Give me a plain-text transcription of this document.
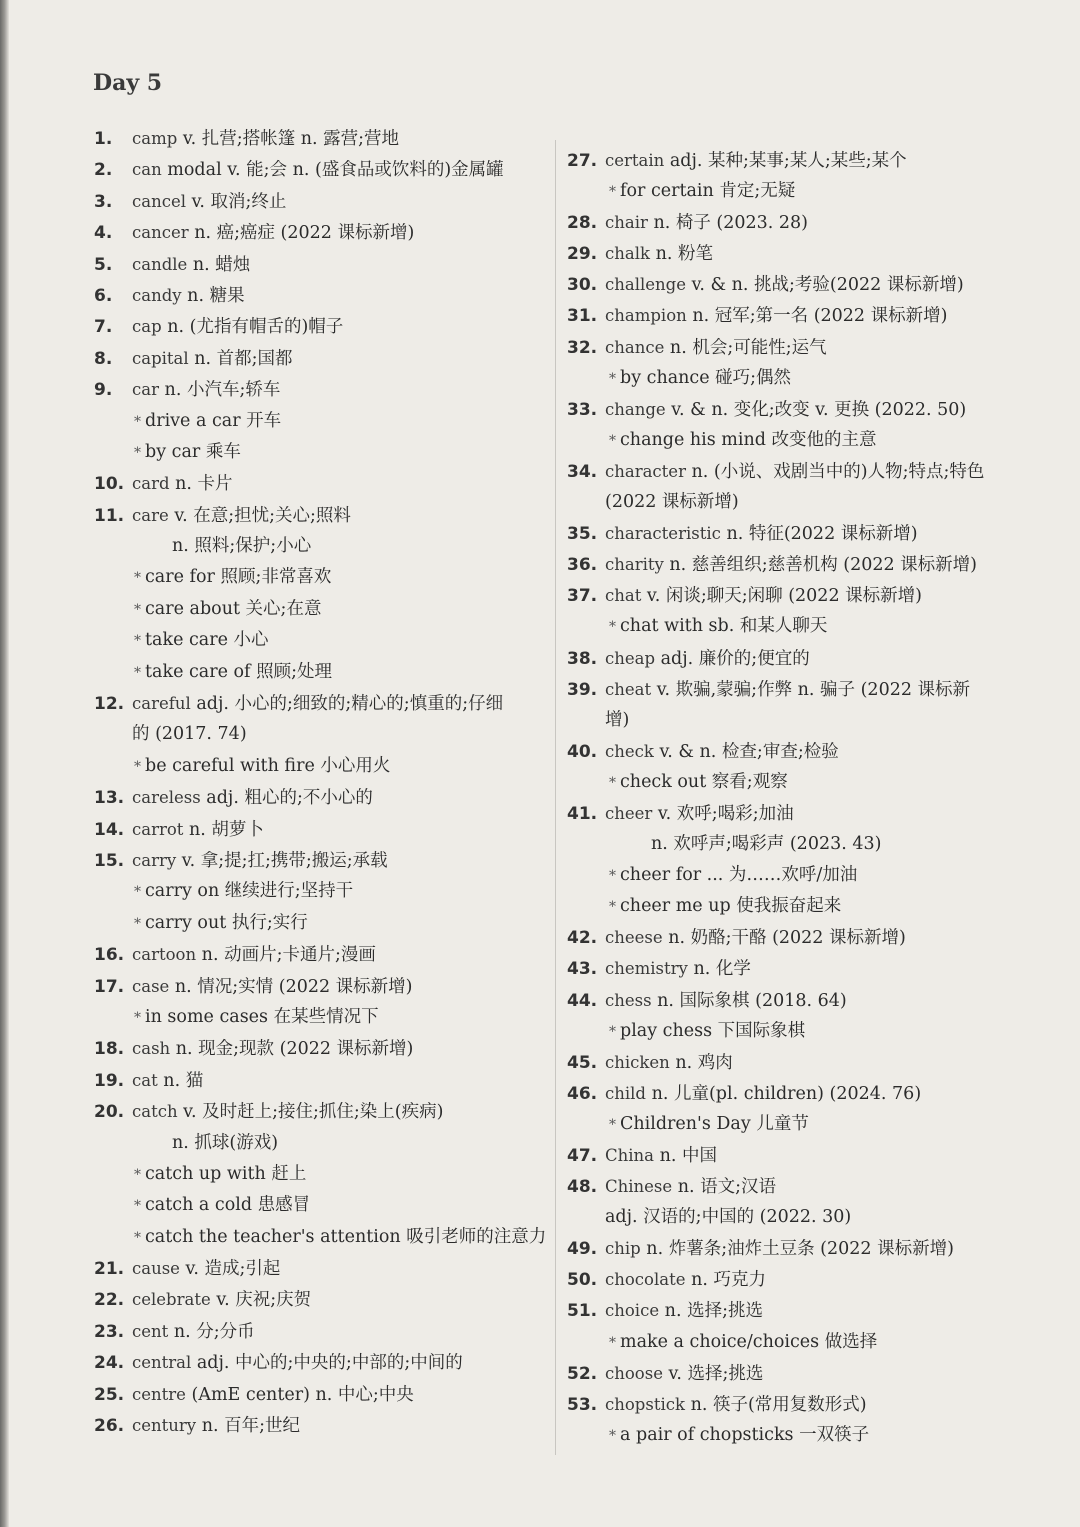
Day 5
1. camp v. 扎营;搭帐篷 n. 露营;营地
2. can modal v. 能;会 n. (盛食品或饮料的)金属罐
3. cancel v. 取消;终止
4. cancer n. 癌;癌症 (2022 课标新增)
5. candle n. 蜡烛
6. candy n. 糖果
7. cap n. (尤指有帽舌的)帽子
8. capital n. 首都;国都
9. car n. 小汽车;轿车
* drive a car 开车
* by car 乘车
10. card n. 卡片
11. care v. 在意;担忧;关心;照料
n. 照料;保护;小心
* care for 照顾;非常喜欢
* care about 关心;在意
* take care 小心
* take care of 照顾;处理
12. careful adj. 小心的;细致的;精心的;慎重的;仔细
的 (2017. 74)
* be careful with fire 小心用火
13. careless adj. 粗心的;不小心的
14. carrot n. 胡萝卜
15. carry v. 拿;提;扛;携带;搬运;承载
* carry on 继续进行;坚持干
* carry out 执行;实行
16. cartoon n. 动画片;卡通片;漫画
17. case n. 情况;实情 (2022 课标新增)
* in some cases 在某些情况下
18. cash n. 现金;现款 (2022 课标新增)
19. cat n. 猫
20. catch v. 及时赶上;接住;抓住;染上(疾病)
n. 抓球(游戏)
* catch up with 赶上
* catch a cold 患感冒
* catch the teacher's attention 吸引老师的注意力
21. cause v. 造成;引起
22. celebrate v. 庆祝;庆贺
23. cent n. 分;分币
24. central adj. 中心的;中央的;中部的;中间的
25. centre (AmE center) n. 中心;中央
26. century n. 百年;世纪
27. certain adj. 某种;某事;某人;某些;某个
* for certain 肯定;无疑
28. chair n. 椅子 (2023. 28)
29. chalk n. 粉笔
30. challenge v. & n. 挑战;考验(2022 课标新增)
31. champion n. 冠军;第一名 (2022 课标新增)
32. chance n. 机会;可能性;运气
* by chance 碰巧;偶然
33. change v. & n. 变化;改变 v. 更换 (2022. 50)
* change his mind 改变他的主意
34. character n. (小说、戏剧当中的)人物;特点;特色
(2022 课标新增)
35. characteristic n. 特征(2022 课标新增)
36. charity n. 慈善组织;慈善机构 (2022 课标新增)
37. chat v. 闲谈;聊天;闲聊 (2022 课标新增)
* chat with sb. 和某人聊天
38. cheap adj. 廉价的;便宜的
39. cheat v. 欺骗,蒙骗;作弊 n. 骗子 (2022 课标新
增)
40. check v. & n. 检查;审查;检验
* check out 察看;观察
41. cheer v. 欢呼;喝彩;加油
n. 欢呼声;喝彩声 (2023. 43)
* cheer for ... 为……欢呼/加油
* cheer me up 使我振奋起来
42. cheese n. 奶酪;干酪 (2022 课标新增)
43. chemistry n. 化学
44. chess n. 国际象棋 (2018. 64)
* play chess 下国际象棋
45. chicken n. 鸡肉
46. child n. 儿童(pl. children) (2024. 76)
* Children's Day 儿童节
47. China n. 中国
48. Chinese n. 语文;汉语
adj. 汉语的;中国的 (2022. 30)
49. chip n. 炸薯条;油炸土豆条 (2022 课标新增)
50. chocolate n. 巧克力
51. choice n. 选择;挑选
* make a choice/choices 做选择
52. choose v. 选择;挑选
53. chopstick n. 筷子(常用复数形式)
* a pair of chopsticks 一双筷子
